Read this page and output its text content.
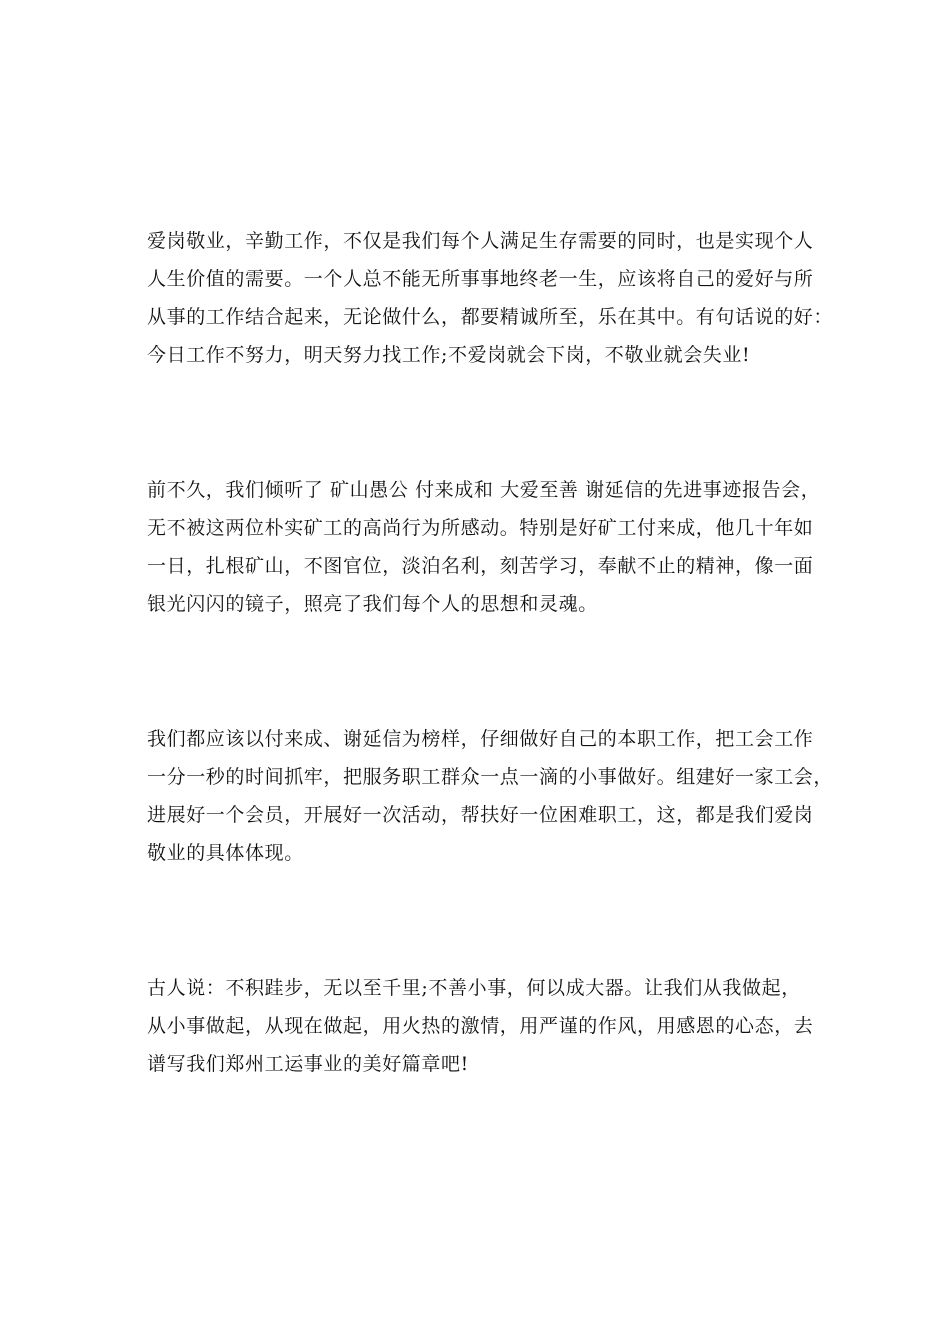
爱岗敬业，辛勤工作，不仅是我们每个人满足生存需要的同时，也是实现个人
人生价值的需要。一个人总不能无所事事地终老一生，应该将自己的爱好与所
从事的工作结合起来，无论做什么，都要精诚所至，乐在其中。有句话说的好：
今日工作不努力，明天努力找工作;不爱岗就会下岗，不敬业就会失业!

前不久，我们倾听了 矿山愚公 付来成和 大爱至善 谢延信的先进事迹报告会，
无不被这两位朴实矿工的高尚行为所感动。特别是好矿工付来成，他几十年如
一日，扎根矿山，不图官位，淡泊名利，刻苦学习，奉献不止的精神，像一面
银光闪闪的镜子，照亮了我们每个人的思想和灵魂。

我们都应该以付来成、谢延信为榜样，仔细做好自己的本职工作，把工会工作
一分一秒的时间抓牢，把服务职工群众一点一滴的小事做好。组建好一家工会，
进展好一个会员，开展好一次活动，帮扶好一位困难职工，这，都是我们爱岗
敬业的具体体现。

古人说：不积跬步，无以至千里;不善小事，何以成大器。让我们从我做起，
从小事做起，从现在做起，用火热的激情，用严谨的作风，用感恩的心态，去
谱写我们郑州工运事业的美好篇章吧!
